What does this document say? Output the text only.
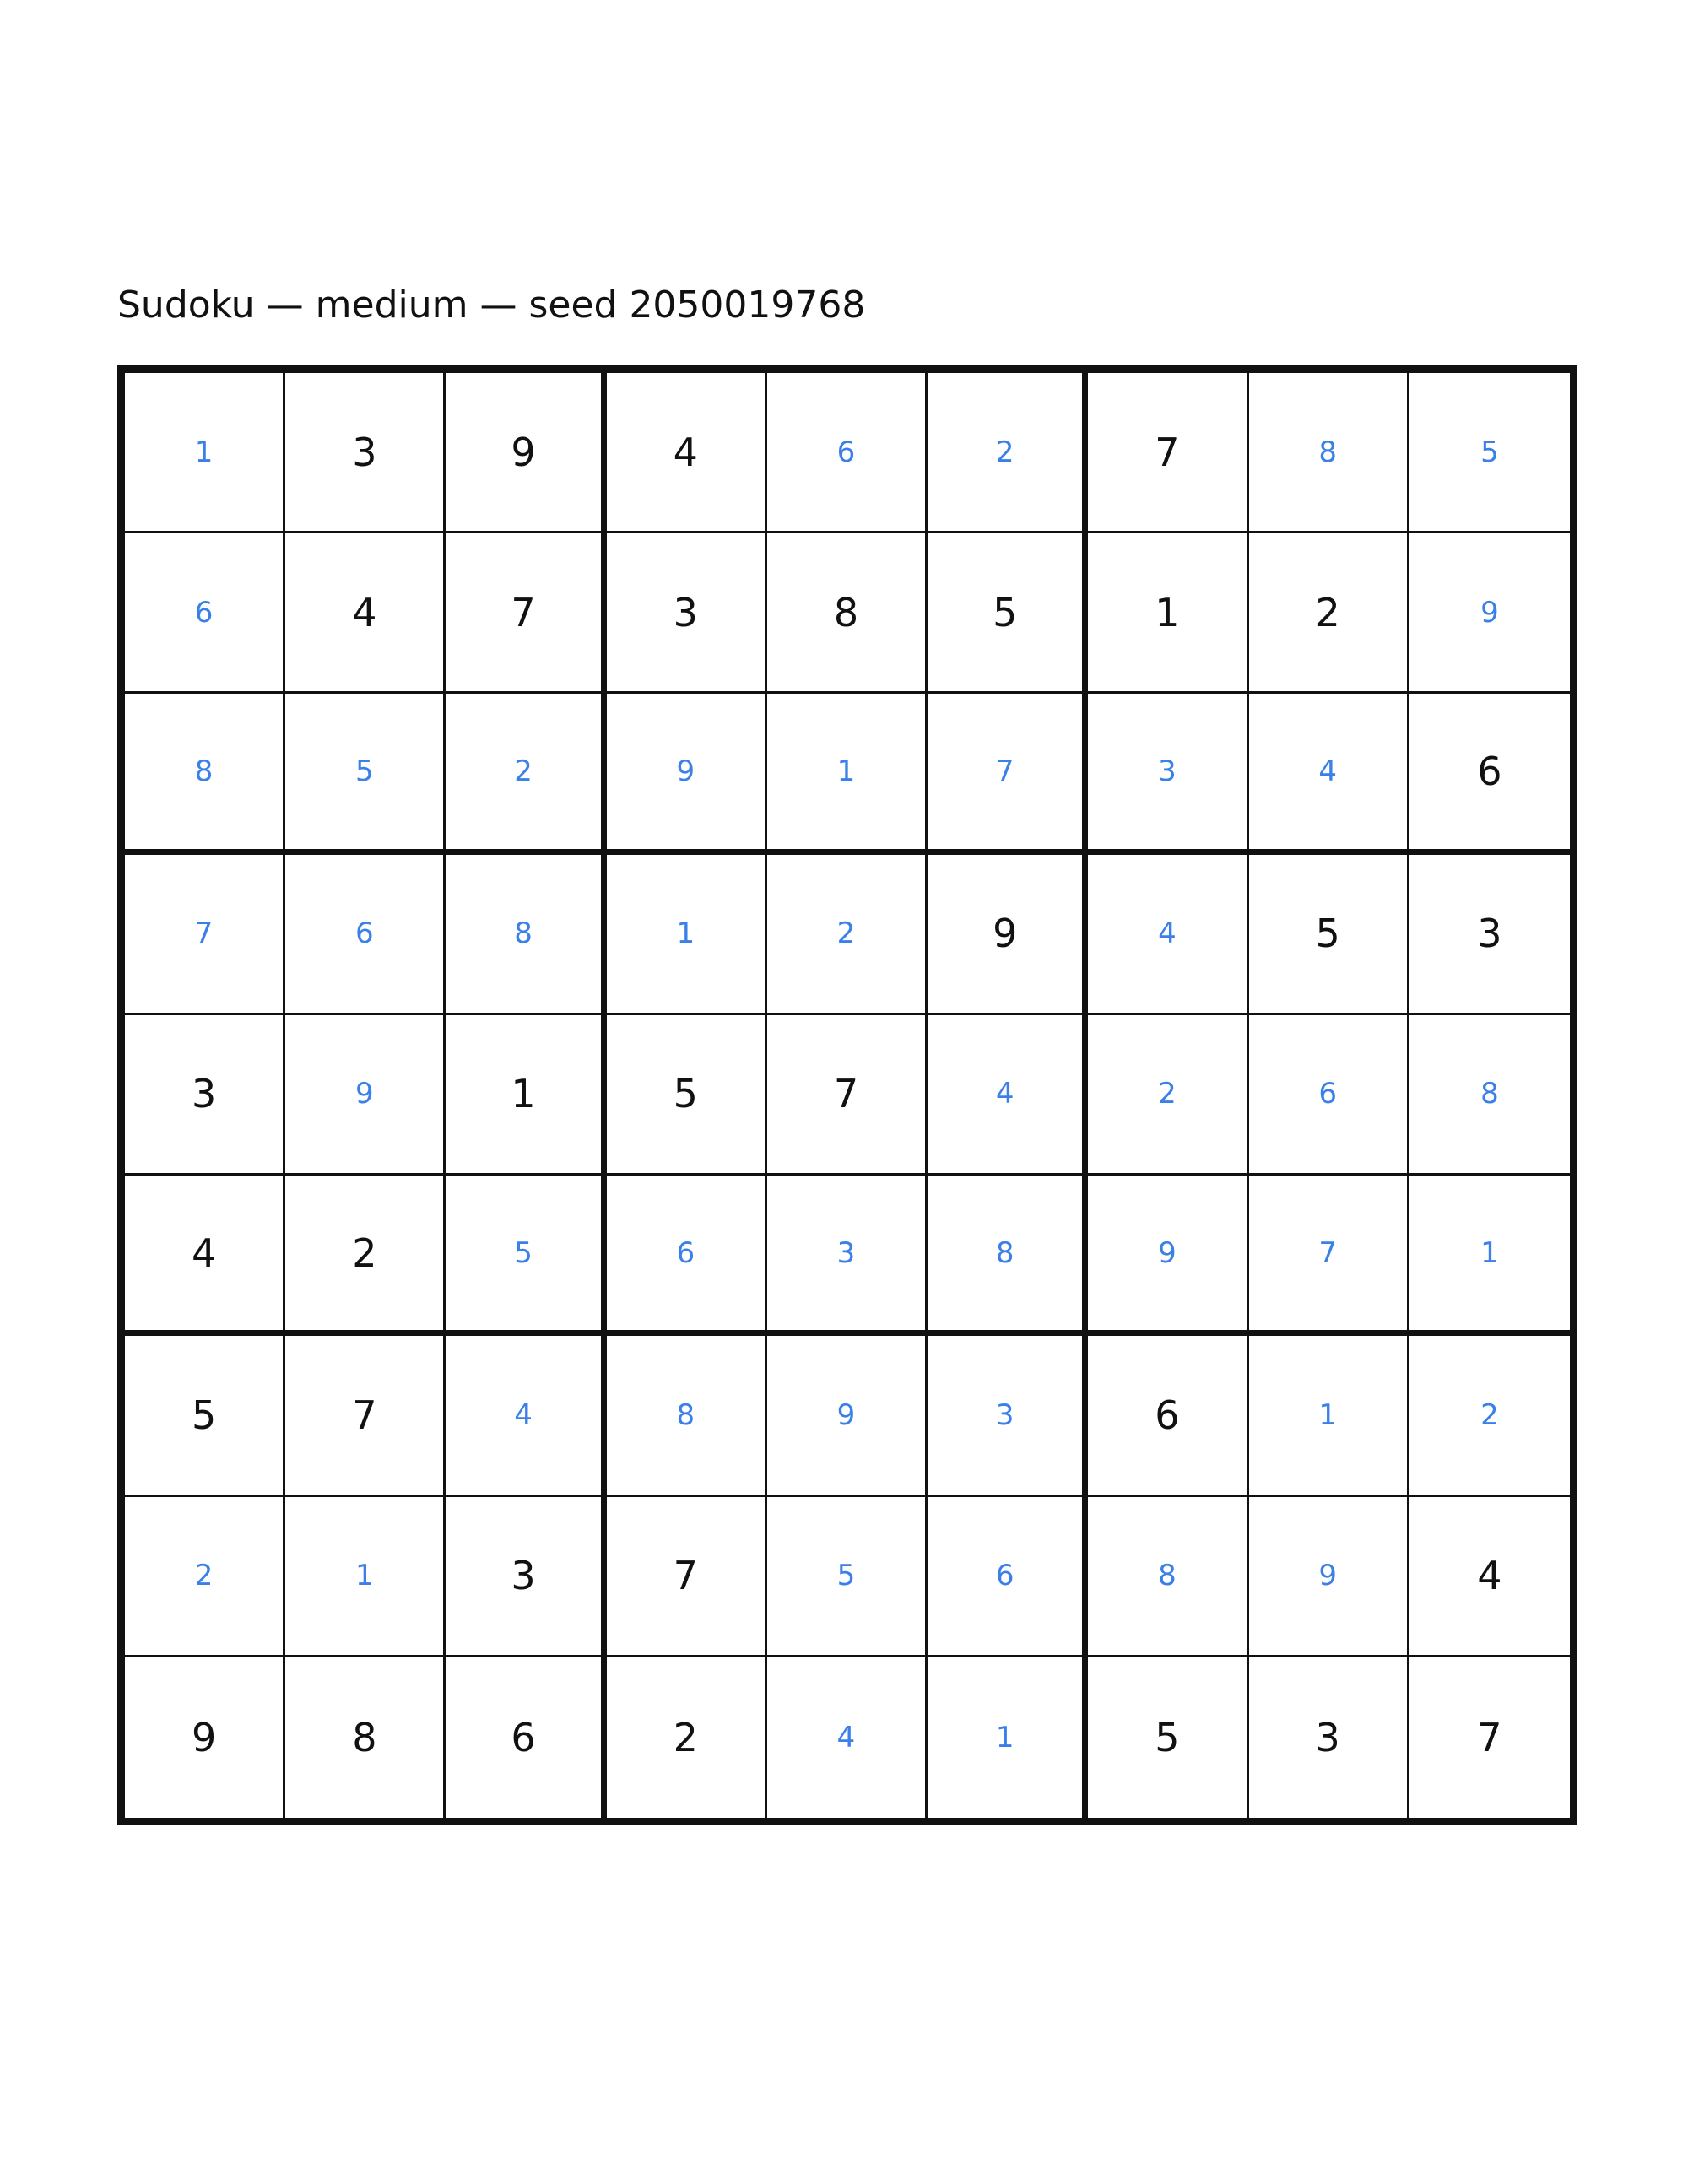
Sudoku — medium — seed 2050019768
1	3	9	4	6	2	7	8	5
6	4	7	3	8	5	1	2	9
8	5	2	9	1	7	3	4	6
7	6	8	1	2	9	4	5	3
3	9	1	5	7	4	2	6	8
4	2	5	6	3	8	9	7	1
5	7	4	8	9	3	6	1	2
2	1	3	7	5	6	8	9	4
9	8	6	2	4	1	5	3	7
